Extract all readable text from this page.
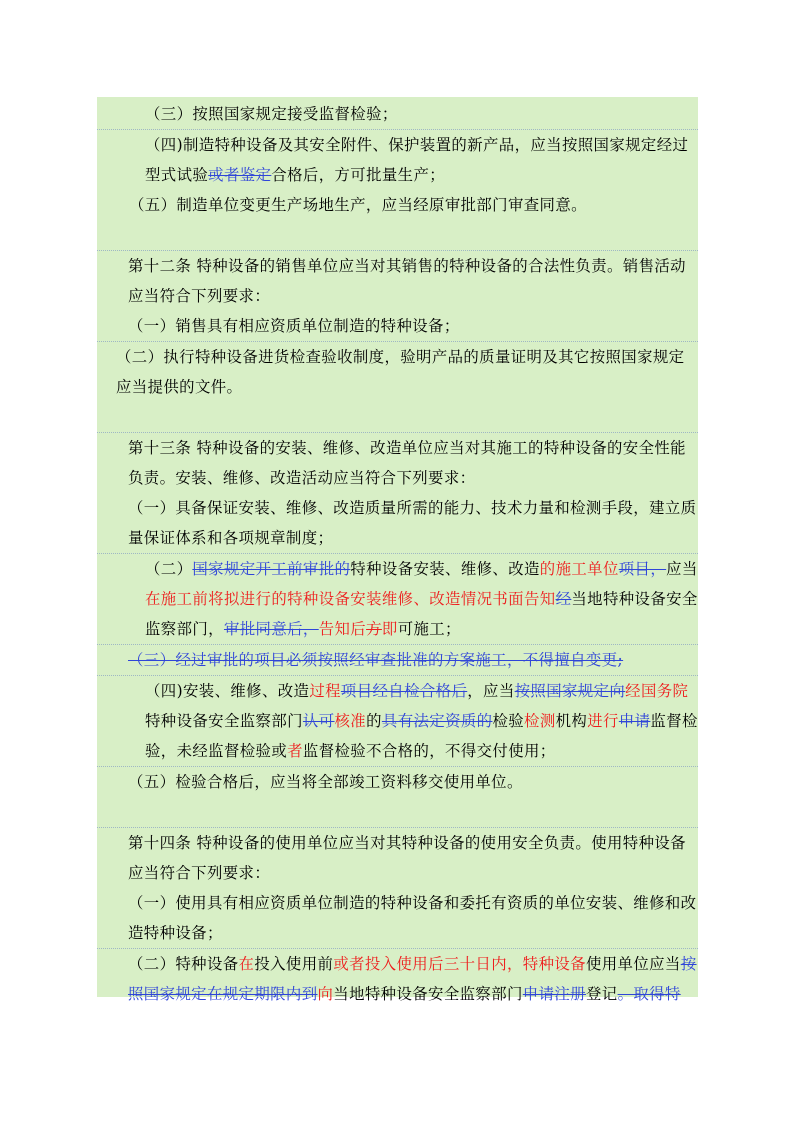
（三）按照国家规定接受监督检验；
（四)制造特种设备及其安全附件、保护装置的新产品，应当按照国家规定经过型式试验或者鉴定合格后，方可批量生产；
（五）制造单位变更生产场地生产，应当经原审批部门审查同意。
第十二条 特种设备的销售单位应当对其销售的特种设备的合法性负责。销售活动应当符合下列要求：
（一）销售具有相应资质单位制造的特种设备；
（二）执行特种设备进货检查验收制度，验明产品的质量证明及其它按照国家规定应当提供的文件。
第十三条 特种设备的安装、维修、改造单位应当对其施工的特种设备的安全性能负责。安装、维修、改造活动应当符合下列要求：
（一）具备保证安装、维修、改造质量所需的能力、技术力量和检测手段，建立质量保证体系和各项规章制度；
（二）国家规定开工前审批的特种设备安装、维修、改造的施工单位项目，应当在施工前将拟进行的特种设备安装维修、改造情况书面告知经当地特种设备安全监察部门，审批同意后，告知后方即可施工；
（三）经过审批的项目必须按照经审查批准的方案施工，不得擅自变更;
（四)安装、维修、改造过程项目经自检合格后，应当按照国家规定向经国务院特种设备安全监察部门认可核准的具有法定资质的检验检测机构进行申请监督检验，未经监督检验或者监督检验不合格的，不得交付使用；
（五）检验合格后，应当将全部竣工资料移交使用单位。
第十四条 特种设备的使用单位应当对其特种设备的使用安全负责。使用特种设备应当符合下列要求：
（一）使用具有相应资质单位制造的特种设备和委托有资质的单位安装、维修和改造特种设备；
（二）特种设备在投入使用前或者投入使用后三十日内，特种设备使用单位应当按照国家规定在规定期限内到向当地特种设备安全监察部门申请注册登记。取得特
